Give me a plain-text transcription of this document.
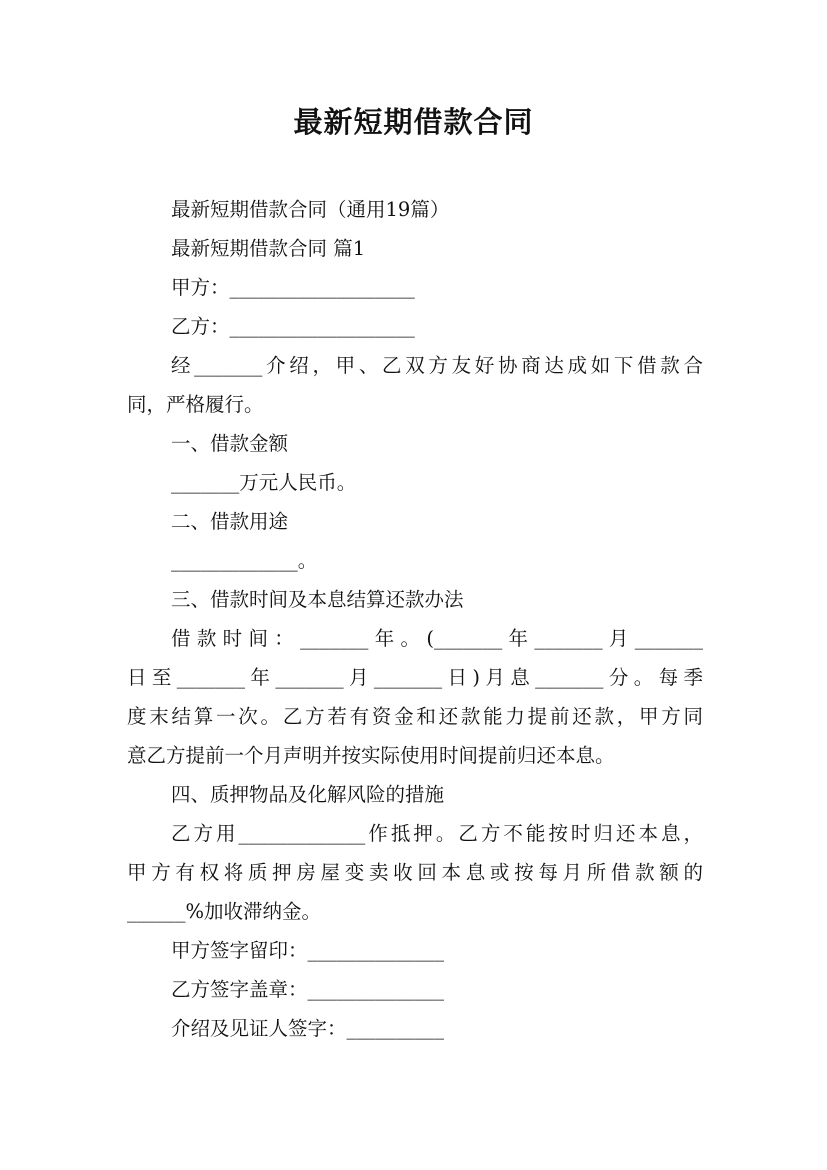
最新短期借款合同
最新短期借款合同（通用19篇）
最新短期借款合同 篇1
甲方：___________________
乙方：___________________
经_______介绍，甲、乙双方友好协商达成如下借款合
同，严格履行。
一、借款金额
_______万元人民币。
二、借款用途
_____________。
三、借款时间及本息结算还款办法
借款时间：_______年。(_______年_______月_______
日至_______年_______月_______日)月息_______分。每季
度末结算一次。乙方若有资金和还款能力提前还款，甲方同
意乙方提前一个月声明并按实际使用时间提前归还本息。
四、质押物品及化解风险的措施
乙方用_____________作抵押。乙方不能按时归还本息，
甲方有权将质押房屋变卖收回本息或按每月所借款额的
______%加收滞纳金。
甲方签字留印：______________
乙方签字盖章：______________
介绍及见证人签字：__________
